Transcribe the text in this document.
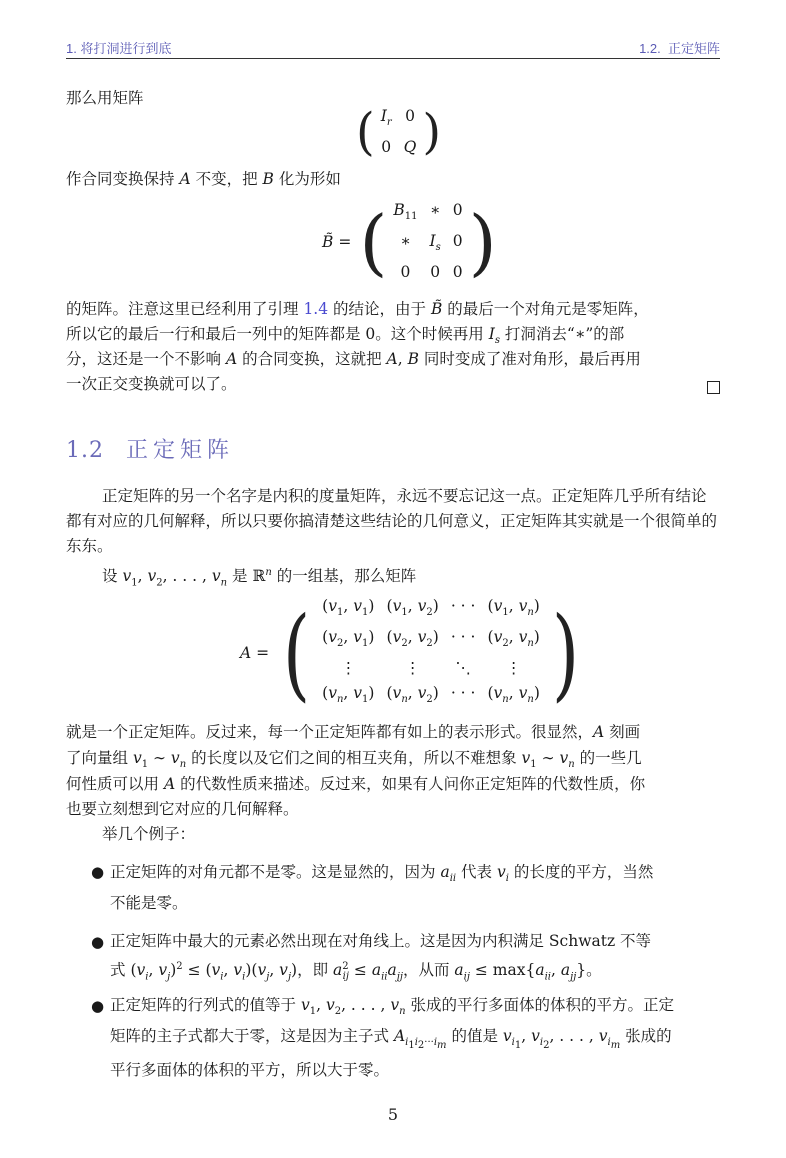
1. 将打洞进行到底	1.2.  正定矩阵
那么用矩阵
( $I_r$ 0
0 Q )
作合同变换保持 A 不变，把 B 化为形如
B̃ = ( $B_{11}$ ∗ 0
∗	$I_s$ 0
0	0 0 )
的矩阵。注意这里已经利用了引理 1.4 的结论，由于 B̃ 的最后一个对角元是零矩阵，
所以它的最后一行和最后一列中的矩阵都是 0。这个时候再用 $I_s$ 打洞消去“∗”的部
分，这还是一个不影响 A 的合同变换，这就把 A, B 同时变成了准对角形，最后再用
一次正交变换就可以了。
1.2 正定矩阵
正定矩阵的另一个名字是内积的度量矩阵，永远不要忘记这一点。正定矩阵几乎所有结论都有对应的几何解释，所以只要你搞清楚这些结论的几何意义，正定矩阵其实就是一个很简单的东东。
设 $v_1$, $v_2$, . . . , $v_n$ 是 ℝ$^n$ 的一组基，那么矩阵
A = ( ($v_1$, $v_1$) ($v_1$, $v_2$) · · · ($v_1$, $v_n$)
($v_2$, $v_1$) ($v_2$, $v_2$) · · · ($v_2$, $v_n$)
⋮	⋮	⋱	⋮
($v_n$, $v_1$) ($v_n$, $v_2$) · · · ($v_n$, $v_n$) )
就是一个正定矩阵。反过来，每一个正定矩阵都有如上的表示形式。很显然，A 刻画
了向量组 $v_1$ ∼ $v_n$ 的长度以及它们之间的相互夹角，所以不难想象 $v_1$ ∼ $v_n$ 的一些几
何性质可以用 A 的代数性质来描述。反过来，如果有人问你正定矩阵的代数性质，你
也要立刻想到它对应的几何解释。
举几个例子：
● 正定矩阵的对角元都不是零。这是显然的，因为 $a_{ii}$ 代表 $v_i$ 的长度的平方，当然
不能是零。
● 正定矩阵中最大的元素必然出现在对角线上。这是因为内积满足 Schwatz 不等
式 ($v_i$, $v_j)^2 \le (v_i$, $v_i)(v_j$, $v_j$)，即 $a^2_{ij} \le a_{ii}a_{jj}$，从而 $a_{ij} \le \max\{a_{ii}$, $a_{jj}$}。
● 正定矩阵的行列式的值等于 $v_1$, $v_2$, . . . , $v_n$ 张成的平行多面体的体积的平方。正定
矩阵的主子式都大于零，这是因为主子式 $A_{i_1i_2\cdot\cdot\cdot i_m}$ 的值是 $v_{i_1}$, $v_{i_2}$, . . . , $v_{i_m}$ 张成的
平行多面体的体积的平方，所以大于零。
5
